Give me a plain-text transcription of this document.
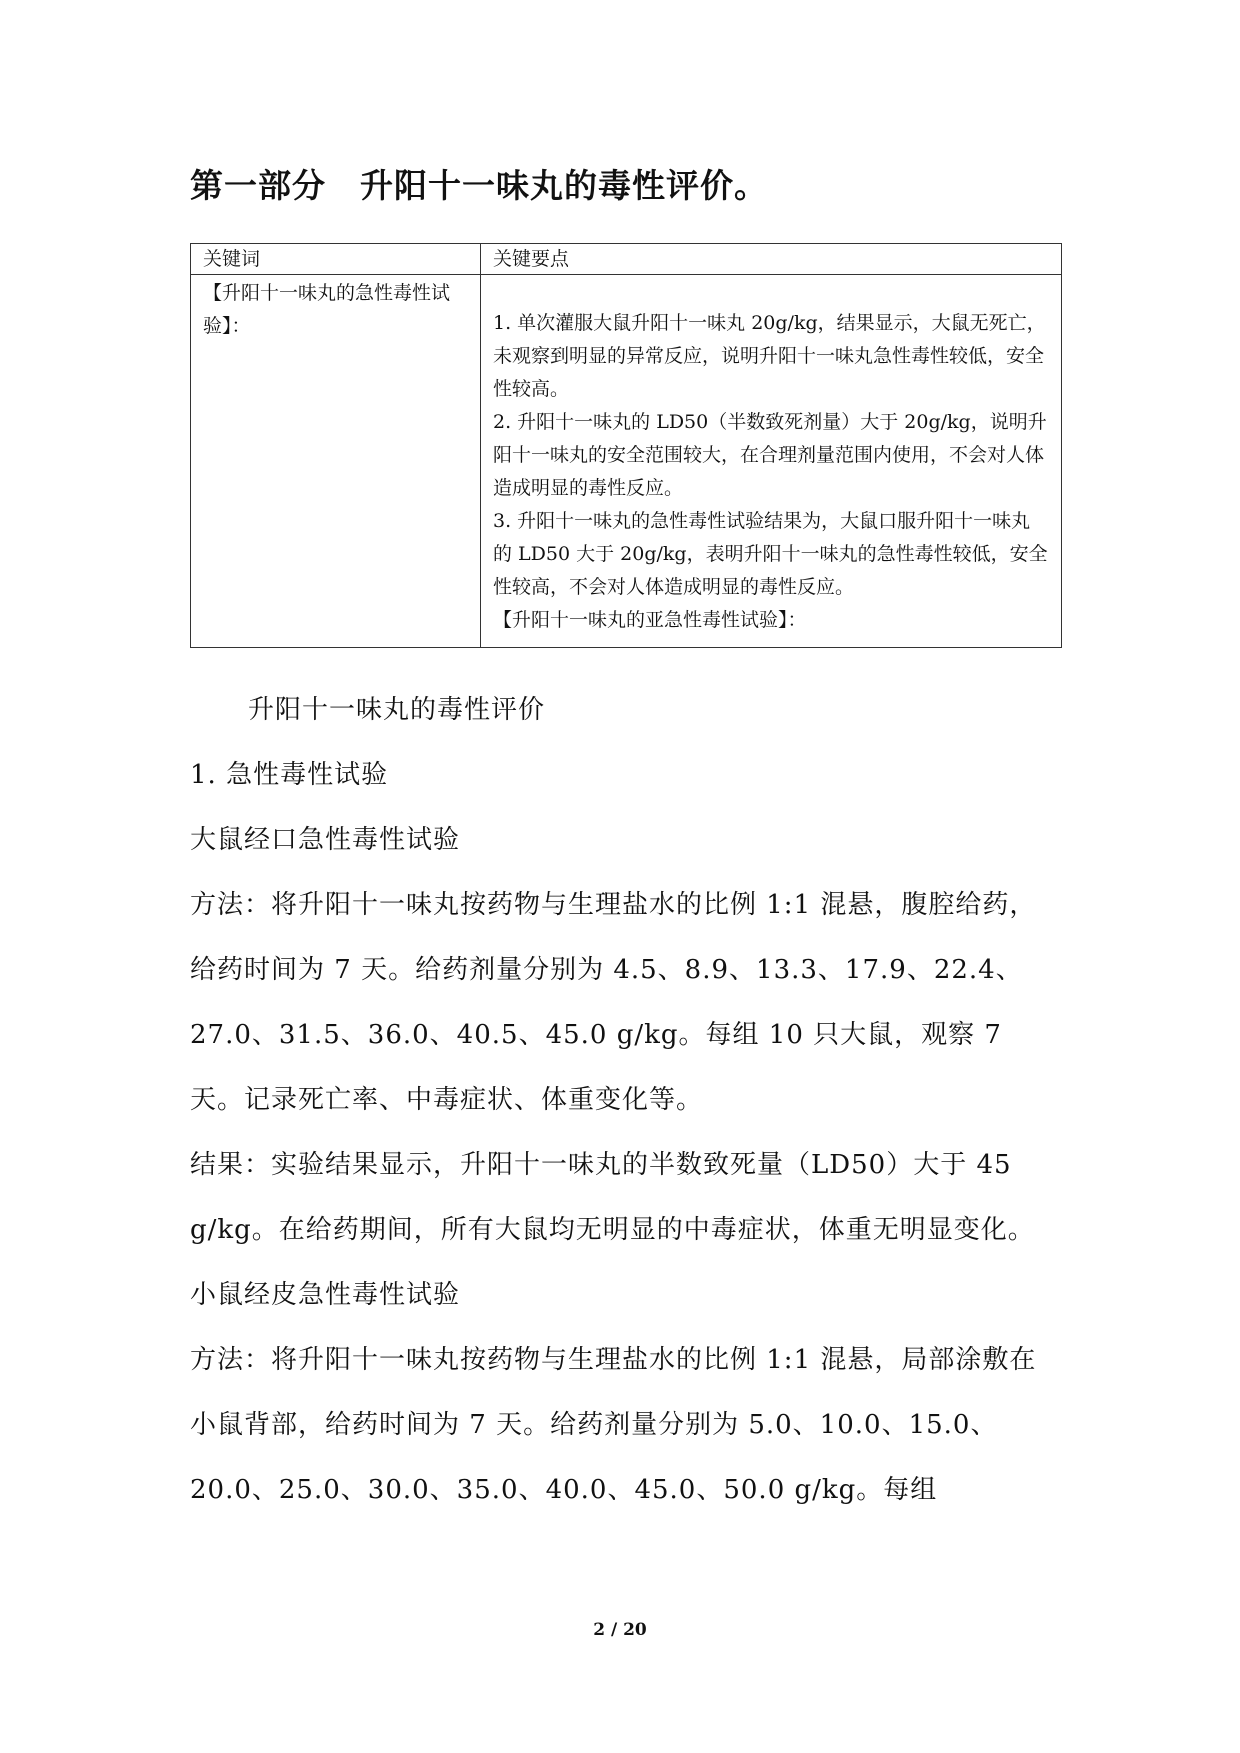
第一部分　升阳十一味丸的毒性评价。
关键词	关键要点
【升阳十一味丸的急性毒性试验】：	1. 单次灌服大鼠升阳十一味丸 20g/kg，结果显示，大鼠无死亡，未观察到明显的异常反应，说明升阳十一味丸急性毒性较低，安全性较高。
2. 升阳十一味丸的 LD50（半数致死剂量）大于 20g/kg，说明升阳十一味丸的安全范围较大，在合理剂量范围内使用，不会对人体造成明显的毒性反应。
3. 升阳十一味丸的急性毒性试验结果为，大鼠口服升阳十一味丸的 LD50 大于 20g/kg，表明升阳十一味丸的急性毒性较低，安全性较高，不会对人体造成明显的毒性反应。
【升阳十一味丸的亚急性毒性试验】：

升阳十一味丸的毒性评价

1. 急性毒性试验

大鼠经口急性毒性试验

方法：将升阳十一味丸按药物与生理盐水的比例 1:1 混悬，腹腔给药，给药时间为 7 天。给药剂量分别为 4.5、8.9、13.3、17.9、22.4、27.0、31.5、36.0、40.5、45.0 g/kg。每组 10 只大鼠，观察 7 天。记录死亡率、中毒症状、体重变化等。

结果：实验结果显示，升阳十一味丸的半数致死量（LD50）大于 45 g/kg。在给药期间，所有大鼠均无明显的中毒症状，体重无明显变化。

小鼠经皮急性毒性试验

方法：将升阳十一味丸按药物与生理盐水的比例 1:1 混悬，局部涂敷在小鼠背部，给药时间为 7 天。给药剂量分别为 5.0、10.0、15.0、20.0、25.0、30.0、35.0、40.0、45.0、50.0 g/kg。每组

2 / 20
